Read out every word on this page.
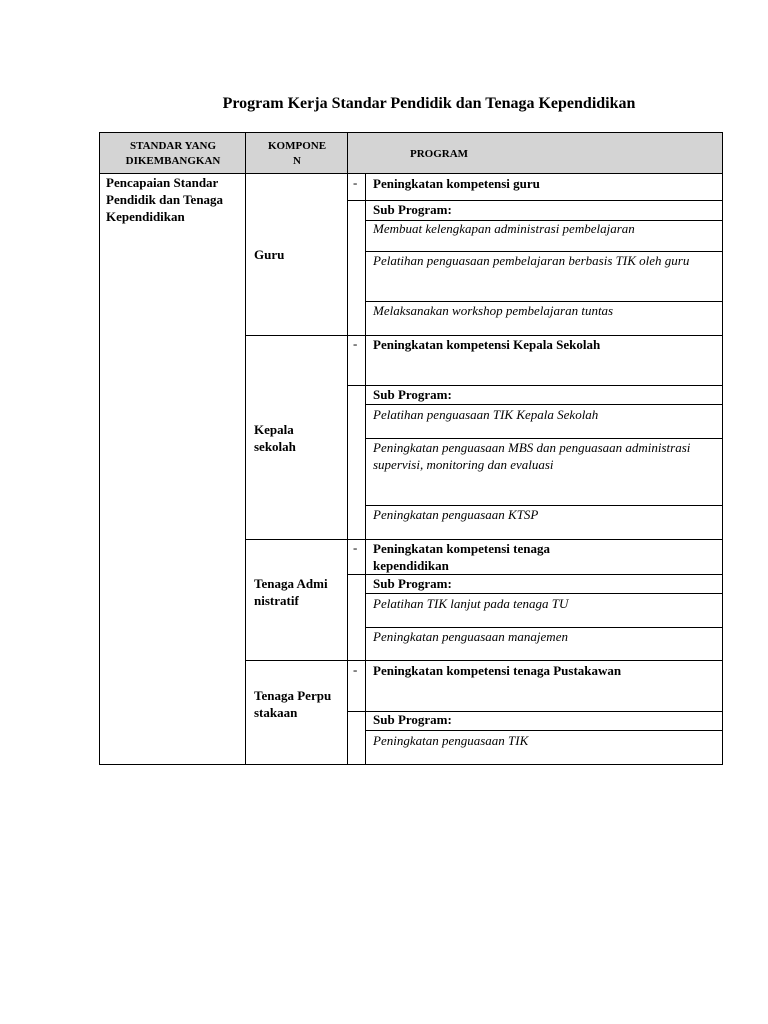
Program Kerja Standar Pendidik dan Tenaga Kependidikan
STANDAR YANG DIKEMBANGKAN
KOMPONE N
PROGRAM
Pencapaian Standar Pendidik dan Tenaga Kependidikan
Guru
Kepala sekolah
Tenaga Administratif
Tenaga Perpustakaan
-
-
-
-
Peningkatan kompetensi guru
Sub Program:
Membuat kelengkapan administrasi pembelajaran
Pelatihan penguasaan pembelajaran berbasis TIK oleh guru
Melaksanakan workshop pembelajaran tuntas
Peningkatan kompetensi Kepala Sekolah
Sub Program:
Pelatihan penguasaan TIK Kepala Sekolah
Peningkatan penguasaan MBS dan penguasaan administrasi supervisi, monitoring dan evaluasi
Peningkatan penguasaan KTSP
Peningkatan kompetensi tenaga kependidikan
Sub Program:
Pelatihan TIK lanjut pada tenaga TU
Peningkatan penguasaan manajemen
Peningkatan kompetensi tenaga Pustakawan
Sub Program:
Peningkatan penguasaan TIK
